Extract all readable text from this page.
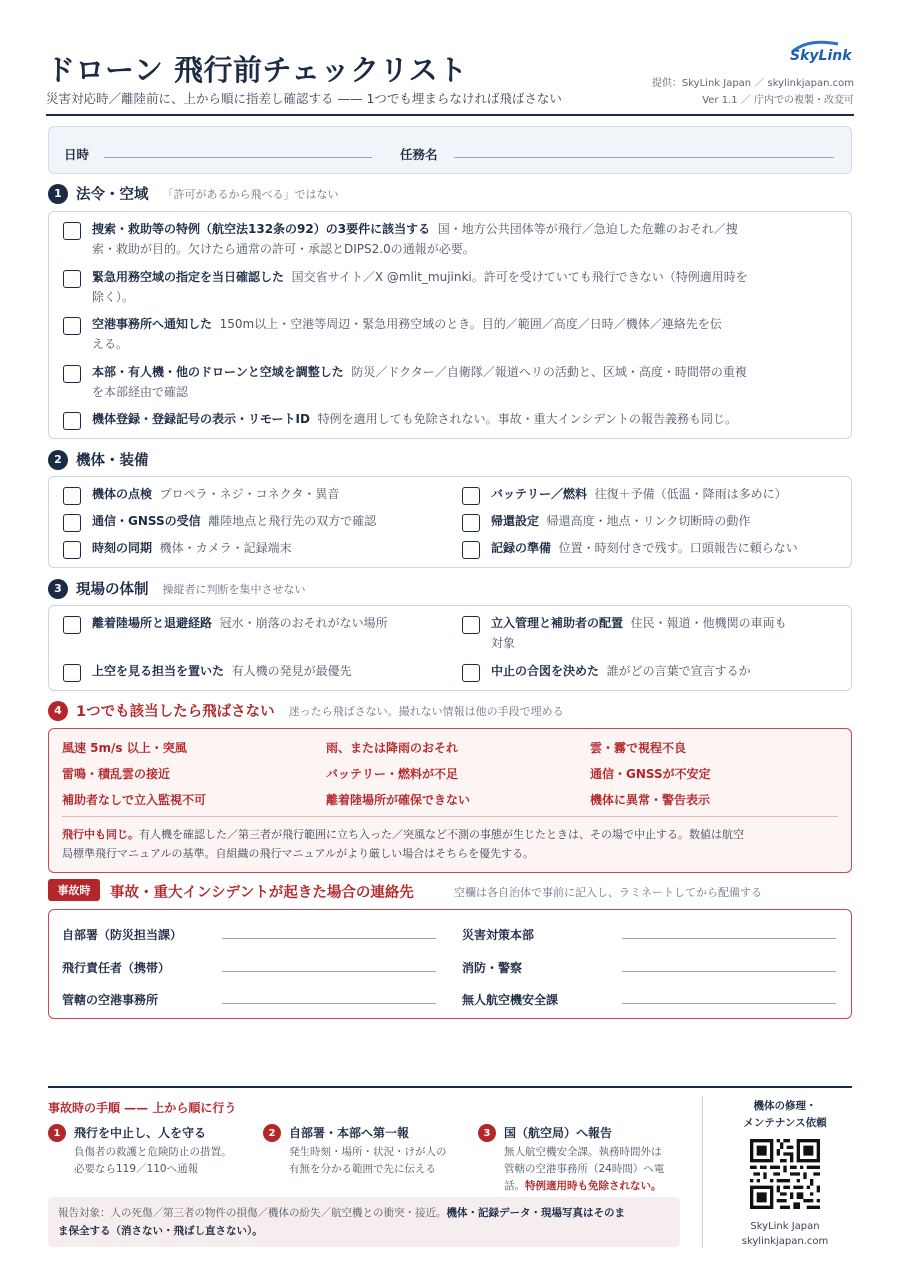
ドローン 飛行前チェックリスト
災害対応時／離陸前に、上から順に指差し確認する —— 1つでも埋まらなければ飛ばさない
SkyLink
提供：SkyLink Japan ／ skylinkjapan.com
Ver 1.1 ／ 庁内での複製・改変可
日時	任務名
1 法令・空域 「許可があるから飛べる」ではない
捜索・救助等の特例（航空法132条の92）の3要件に該当する 国・地方公共団体等が飛行／急迫した危難のおそれ／捜
索・救助が目的。欠けたら通常の許可・承認とDIPS2.0の通報が必要。
緊急用務空域の指定を当日確認した 国交省サイト／X @mlit_mujinki。許可を受けていても飛行できない（特例適用時を
除く）。
空港事務所へ通知した 150m以上・空港等周辺・緊急用務空域のとき。目的／範囲／高度／日時／機体／連絡先を伝
える。
本部・有人機・他のドローンと空域を調整した 防災／ドクター／自衛隊／報道ヘリの活動と、区域・高度・時間帯の重複
を本部経由で確認
機体登録・登録記号の表示・リモートID 特例を適用しても免除されない。事故・重大インシデントの報告義務も同じ。
2 機体・装備
機体の点検 プロペラ・ネジ・コネクタ・異音	バッテリー／燃料 往復＋予備（低温・降雨は多めに）
通信・GNSSの受信 離陸地点と飛行先の双方で確認	帰還設定 帰還高度・地点・リンク切断時の動作
時刻の同期 機体・カメラ・記録端末	記録の準備 位置・時刻付きで残す。口頭報告に頼らない
3 現場の体制 操縦者に判断を集中させない
離着陸場所と退避経路 冠水・崩落のおそれがない場所	立入管理と補助者の配置 住民・報道・他機関の車両も
対象
上空を見る担当を置いた 有人機の発見が最優先	中止の合図を決めた 誰がどの言葉で宣言するか
4 1つでも該当したら飛ばさない 迷ったら飛ばさない。撮れない情報は他の手段で埋める
風速 5m/s 以上・突風	雨、または降雨のおそれ	雲・霧で視程不良
雷鳴・積乱雲の接近	バッテリー・燃料が不足	通信・GNSSが不安定
補助者なしで立入監視不可	離着陸場所が確保できない	機体に異常・警告表示
飛行中も同じ。有人機を確認した／第三者が飛行範囲に立ち入った／突風など不測の事態が生じたときは、その場で中止する。数値は航空
局標準飛行マニュアルの基準。自組織の飛行マニュアルがより厳しい場合はそちらを優先する。
事故時	事故・重大インシデントが起きた場合の連絡先	空欄は各自治体で事前に記入し、ラミネートしてから配備する
自部署（防災担当課）	災害対策本部
飛行責任者（携帯）	消防・警察
管轄の空港事務所	無人航空機安全課
事故時の手順 —— 上から順に行う
1	飛行を中止し、人を守る
負傷者の救護と危険防止の措置。
必要なら119／110へ通報
2	自部署・本部へ第一報
発生時刻・場所・状況・けが人の
有無を分かる範囲で先に伝える
3	国（航空局）へ報告
無人航空機安全課。執務時間外は
管轄の空港事務所（24時間）へ電
話。特例適用時も免除されない。
報告対象：人の死傷／第三者の物件の損傷／機体の紛失／航空機との衝突・接近。機体・記録データ・現場写真はそのま
ま保全する（消さない・飛ばし直さない）。
機体の修理・
メンテナンス依頼
SkyLink Japan
skylinkjapan.com
